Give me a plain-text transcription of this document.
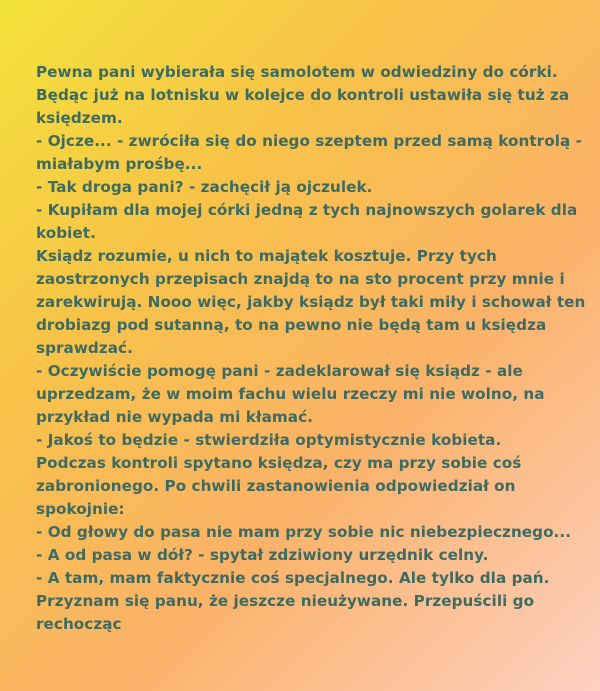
Pewna pani wybierała się samolotem w odwiedziny do córki.
Będąc już na lotnisku w kolejce do kontroli ustawiła się tuż za
księdzem.
- Ojcze... - zwróciła się do niego szeptem przed samą kontrolą -
miałabym prośbę...
- Tak droga pani? - zachęcił ją ojczulek.
- Kupiłam dla mojej córki jedną z tych najnowszych golarek dla
kobiet.
Ksiądz rozumie, u nich to majątek kosztuje. Przy tych
zaostrzonych przepisach znajdą to na sto procent przy mnie i
zarekwirują. Nooo więc, jakby ksiądz był taki miły i schował ten
drobiazg pod sutanną, to na pewno nie będą tam u księdza
sprawdzać.
- Oczywiście pomogę pani - zadeklarował się ksiądz - ale
uprzedzam, że w moim fachu wielu rzeczy mi nie wolno, na
przykład nie wypada mi kłamać.
- Jakoś to będzie - stwierdziła optymistycznie kobieta.
Podczas kontroli spytano księdza, czy ma przy sobie coś
zabronionego. Po chwili zastanowienia odpowiedział on
spokojnie:
- Od głowy do pasa nie mam przy sobie nic niebezpiecznego...
- A od pasa w dół? - spytał zdziwiony urzędnik celny.
- A tam, mam faktycznie coś specjalnego. Ale tylko dla pań.
Przyznam się panu, że jeszcze nieużywane. Przepuścili go
rechocząc
